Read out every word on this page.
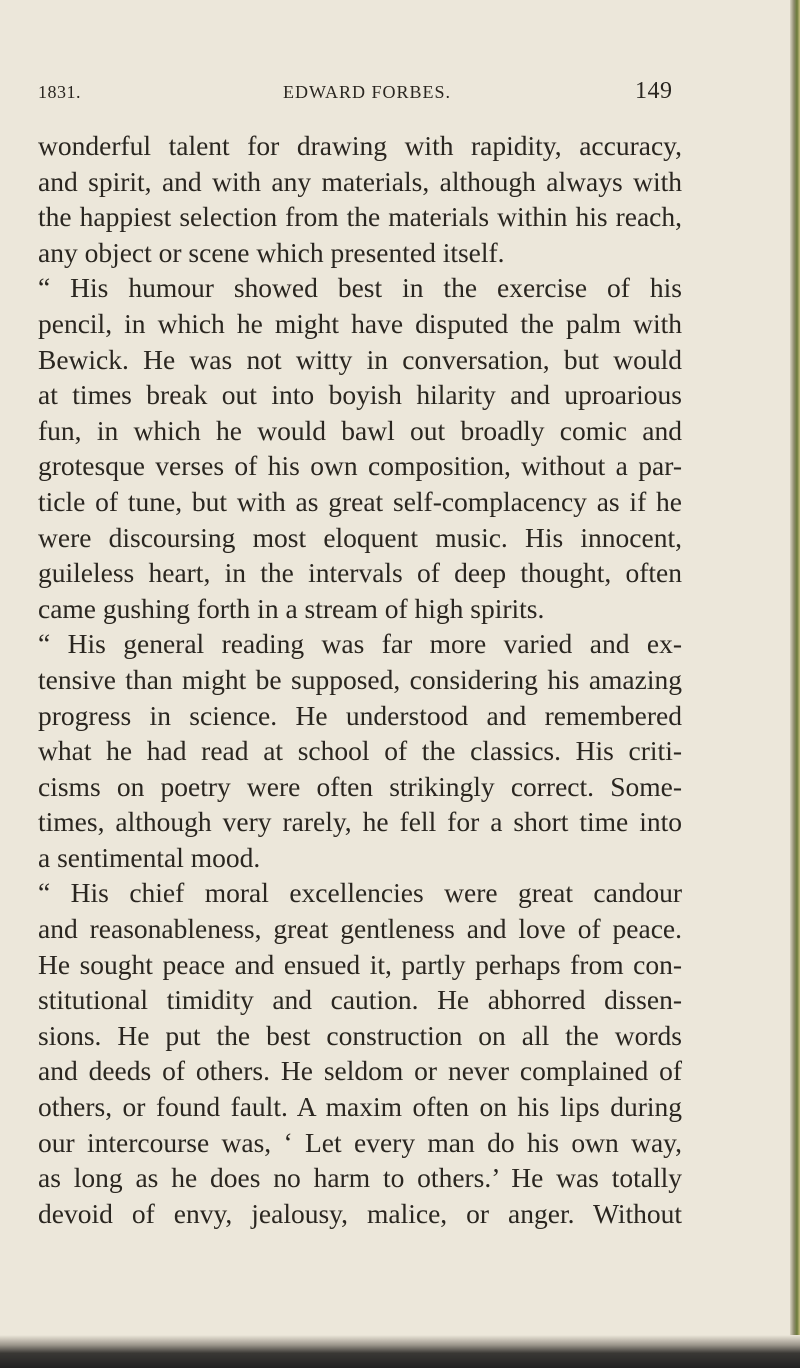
1831.	EDWARD FORBES.	149
wonderful talent for drawing with rapidity, accuracy,
and spirit, and with any materials, although always with
the happiest selection from the materials within his reach,
any object or scene which presented itself.
“ His humour showed best in the exercise of his
pencil, in which he might have disputed the palm with
Bewick. He was not witty in conversation, but would
at times break out into boyish hilarity and uproarious
fun, in which he would bawl out broadly comic and
grotesque verses of his own composition, without a par-
ticle of tune, but with as great self-complacency as if he
were discoursing most eloquent music. His innocent,
guileless heart, in the intervals of deep thought, often
came gushing forth in a stream of high spirits.
“ His general reading was far more varied and ex-
tensive than might be supposed, considering his amazing
progress in science. He understood and remembered
what he had read at school of the classics. His criti-
cisms on poetry were often strikingly correct. Some-
times, although very rarely, he fell for a short time into
a sentimental mood.
“ His chief moral excellencies were great candour
and reasonableness, great gentleness and love of peace.
He sought peace and ensued it, partly perhaps from con-
stitutional timidity and caution. He abhorred dissen-
sions. He put the best construction on all the words
and deeds of others. He seldom or never complained of
others, or found fault. A maxim often on his lips during
our intercourse was, ‘ Let every man do his own way,
as long as he does no harm to others.’ He was totally
devoid of envy, jealousy, malice, or anger. Without
